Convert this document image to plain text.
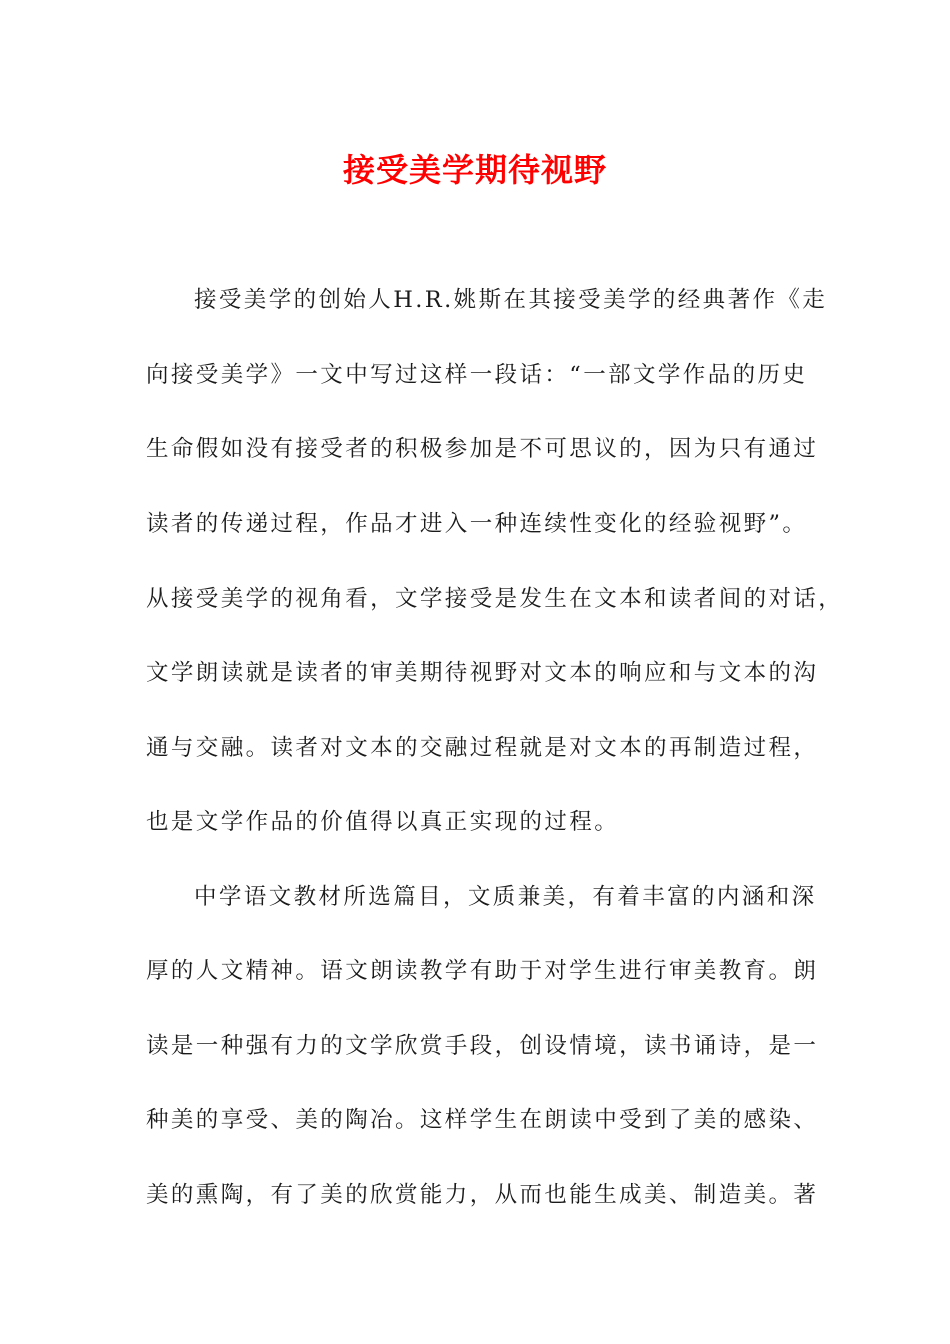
接受美学期待视野
接受美学的创始人H.R.姚斯在其接受美学的经典著作《走
向接受美学》一文中写过这样一段话：“一部文学作品的历史
生命假如没有接受者的积极参加是不可思议的，因为只有通过
读者的传递过程，作品才进入一种连续性变化的经验视野”。
从接受美学的视角看，文学接受是发生在文本和读者间的对话，
文学朗读就是读者的审美期待视野对文本的响应和与文本的沟
通与交融。读者对文本的交融过程就是对文本的再制造过程，
也是文学作品的价值得以真正实现的过程。
中学语文教材所选篇目，文质兼美，有着丰富的内涵和深
厚的人文精神。语文朗读教学有助于对学生进行审美教育。朗
读是一种强有力的文学欣赏手段，创设情境，读书诵诗，是一
种美的享受、美的陶冶。这样学生在朗读中受到了美的感染、
美的熏陶，有了美的欣赏能力，从而也能生成美、制造美。著
